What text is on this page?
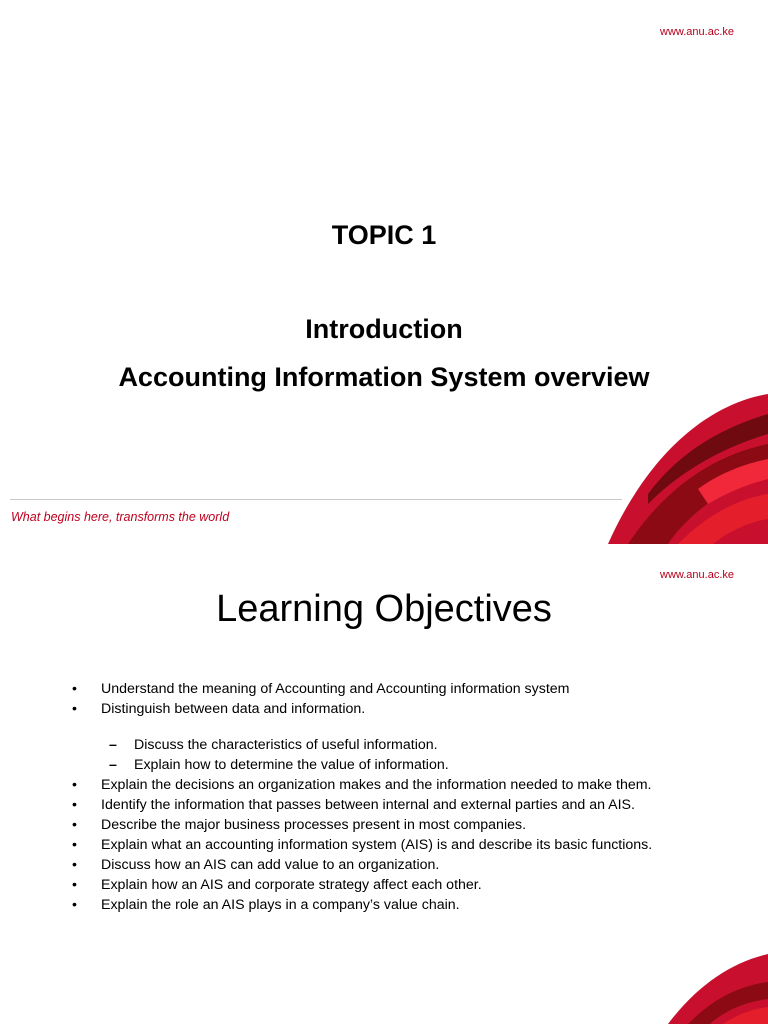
www.anu.ac.ke
TOPIC 1
Introduction
Accounting Information System overview
What begins here, transforms the world
www.anu.ac.ke
Learning Objectives
• Understand the meaning of Accounting and Accounting information system
• Distinguish between data and information.
– Discuss the characteristics of useful information.
– Explain how to determine the value of information.
• Explain the decisions an organization makes and the information needed to make them.
• Identify the information that passes between internal and external parties and an AIS.
• Describe the major business processes present in most companies.
• Explain what an accounting information system (AIS) is and describe its basic functions.
• Discuss how an AIS can add value to an organization.
• Explain how an AIS and corporate strategy affect each other.
• Explain the role an AIS plays in a company’s value chain.
